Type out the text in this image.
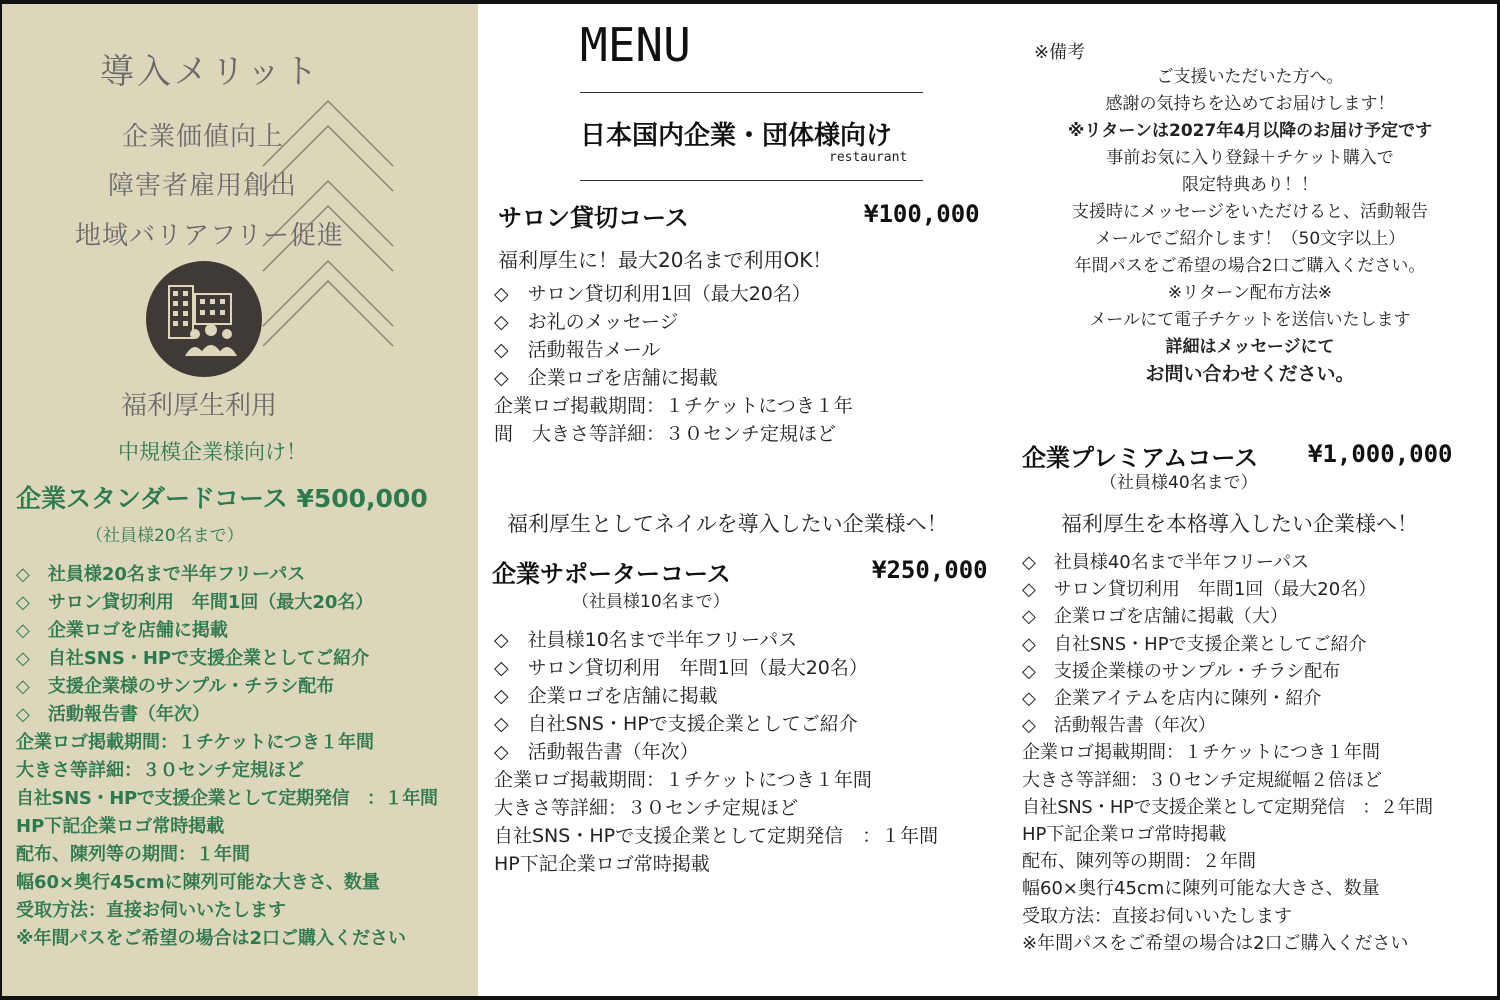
導入メリット
企業価値向上
障害者雇用創出
地域バリアフリー促進
福利厚生利用
中規模企業様向け！
企業スタンダードコース ¥500,000
（社員様20名まで）
◇　社員様20名まで半年フリーパス
◇　サロン貸切利用　年間1回（最大20名）
◇　企業ロゴを店舗に掲載
◇　自社SNS・HPで支援企業としてご紹介
◇　支援企業様のサンプル・チラシ配布
◇　活動報告書（年次）
企業ロゴ掲載期間：１チケットにつき１年間
大きさ等詳細：３０センチ定規ほど
自社SNS・HPで支援企業として定期発信　：１年間
HP下記企業ロゴ常時掲載
配布、陳列等の期間：１年間
幅60×奥行45cmに陳列可能な大きさ、数量
受取方法：直接お伺いいたします
※年間パスをご希望の場合は2口ご購入ください
MENU
日本国内企業・団体様向け
restaurant
サロン貸切コース	¥100,000
福利厚生に！最大20名まで利用OK！
◇　サロン貸切利用1回（最大20名）
◇　お礼のメッセージ
◇　活動報告メール
◇　企業ロゴを店舗に掲載
企業ロゴ掲載期間：１チケットにつき１年
間　大きさ等詳細：３０センチ定規ほど
福利厚生としてネイルを導入したい企業様へ！
企業サポーターコース	¥250,000
（社員様10名まで）
◇　社員様10名まで半年フリーパス
◇　サロン貸切利用　年間1回（最大20名）
◇　企業ロゴを店舗に掲載
◇　自社SNS・HPで支援企業としてご紹介
◇　活動報告書（年次）
企業ロゴ掲載期間：１チケットにつき１年間
大きさ等詳細：３０センチ定規ほど
自社SNS・HPで支援企業として定期発信　：１年間
HP下記企業ロゴ常時掲載
※備考
ご支援いただいた方へ。
感謝の気持ちを込めてお届けします！
※リターンは2027年4月以降のお届け予定です
事前お気に入り登録＋チケット購入で
限定特典あり！！
支援時にメッセージをいただけると、活動報告
メールでご紹介します！（50文字以上）
年間パスをご希望の場合2口ご購入ください。
※リターン配布方法※
メールにて電子チケットを送信いたします
詳細はメッセージにて
お問い合わせください。
企業プレミアムコース ¥1,000,000
（社員様40名まで）
福利厚生を本格導入したい企業様へ！
◇　社員様40名まで半年フリーパス
◇　サロン貸切利用　年間1回（最大20名）
◇　企業ロゴを店舗に掲載（大）
◇　自社SNS・HPで支援企業としてご紹介
◇　支援企業様のサンプル・チラシ配布
◇　企業アイテムを店内に陳列・紹介
◇　活動報告書（年次）
企業ロゴ掲載期間：１チケットにつき１年間
大きさ等詳細：３０センチ定規縦幅２倍ほど
自社SNS・HPで支援企業として定期発信　：２年間
HP下記企業ロゴ常時掲載
配布、陳列等の期間：２年間
幅60×奥行45cmに陳列可能な大きさ、数量
受取方法：直接お伺いいたします
※年間パスをご希望の場合は2口ご購入ください
